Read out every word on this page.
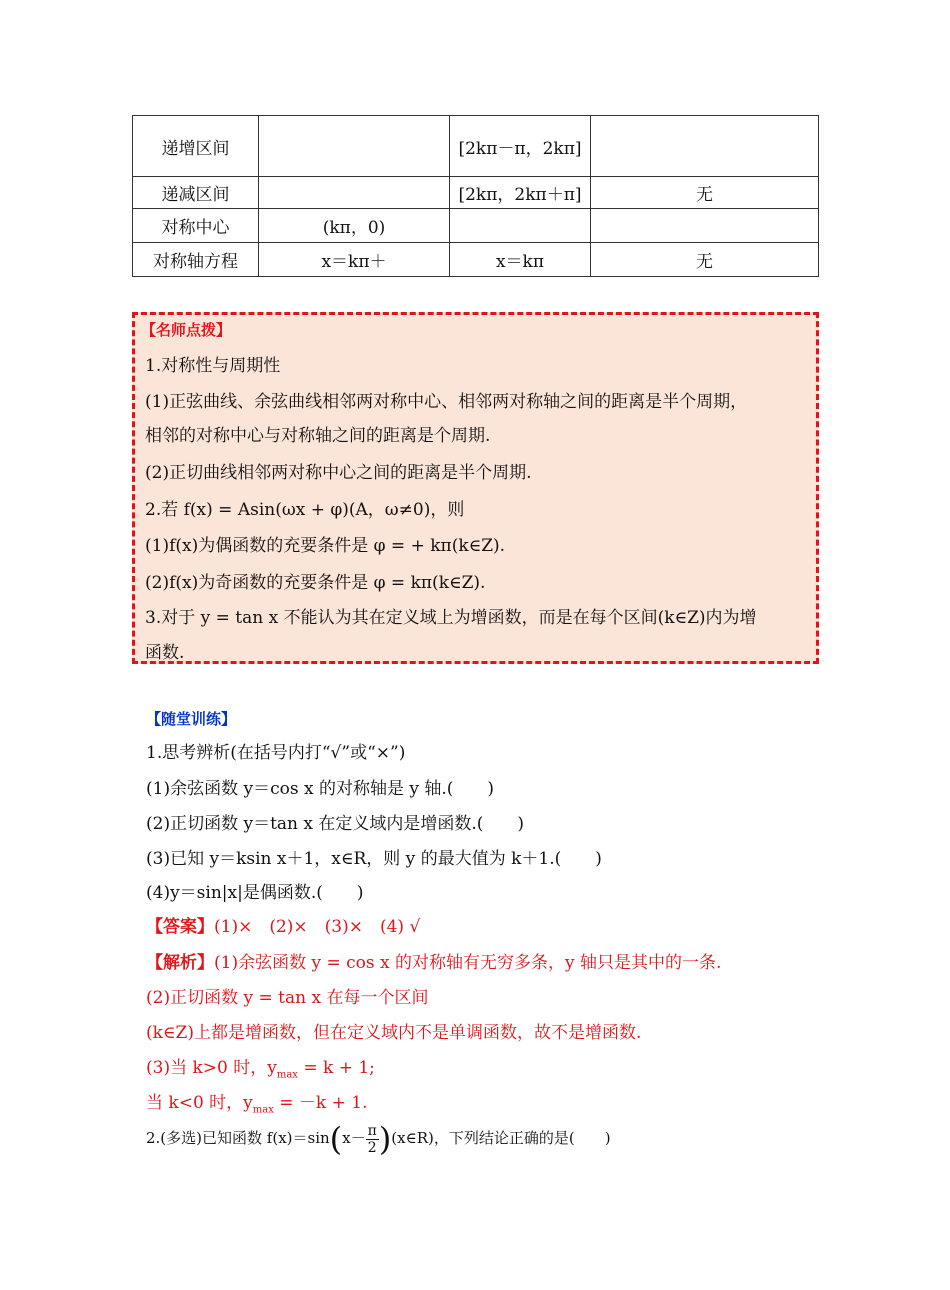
递增区间		[2kπ－π，2kπ]	
递减区间		[2kπ，2kπ＋π]	无
对称中心	(kπ，0)		
对称轴方程	x＝kπ＋	x＝kπ	无
【名师点拨】
1.对称性与周期性
(1)正弦曲线、余弦曲线相邻两对称中心、相邻两对称轴之间的距离是半个周期，
相邻的对称中心与对称轴之间的距离是个周期.
(2)正切曲线相邻两对称中心之间的距离是半个周期.
2.若 f(x) = Asin(ωx + φ)(A，ω≠0)，则
(1)f(x)为偶函数的充要条件是 φ = + kπ(k∈Z).
(2)f(x)为奇函数的充要条件是 φ = kπ(k∈Z).
3.对于 y = tan x 不能认为其在定义域上为增函数，而是在每个区间(k∈Z)内为增
函数.
【随堂训练】
1.思考辨析(在括号内打“√”或“×”)
(1)余弦函数 y＝cos x 的对称轴是 y 轴.(　　)
(2)正切函数 y＝tan x 在定义域内是增函数.(　　)
(3)已知 y＝ksin x＋1，x∈R，则 y 的最大值为 k＋1.(　　)
(4)y＝sin|x|是偶函数.(　　)
【答案】(1)×　(2)×　(3)×　(4) √
【解析】(1)余弦函数 y = cos x 的对称轴有无穷多条，y 轴只是其中的一条.
(2)正切函数 y = tan x 在每一个区间
(k∈Z)上都是增函数，但在定义域内不是单调函数，故不是增函数.
(3)当 k>0 时，$y_{max} = k + 1$;
当 k<0 时，$y_{max} = -k + 1$.
2.(多选)已知函数 $f(x)=\sin(x- \frac{\pi}{2}$ )(x∈R)，下列结论正确的是(　　)
